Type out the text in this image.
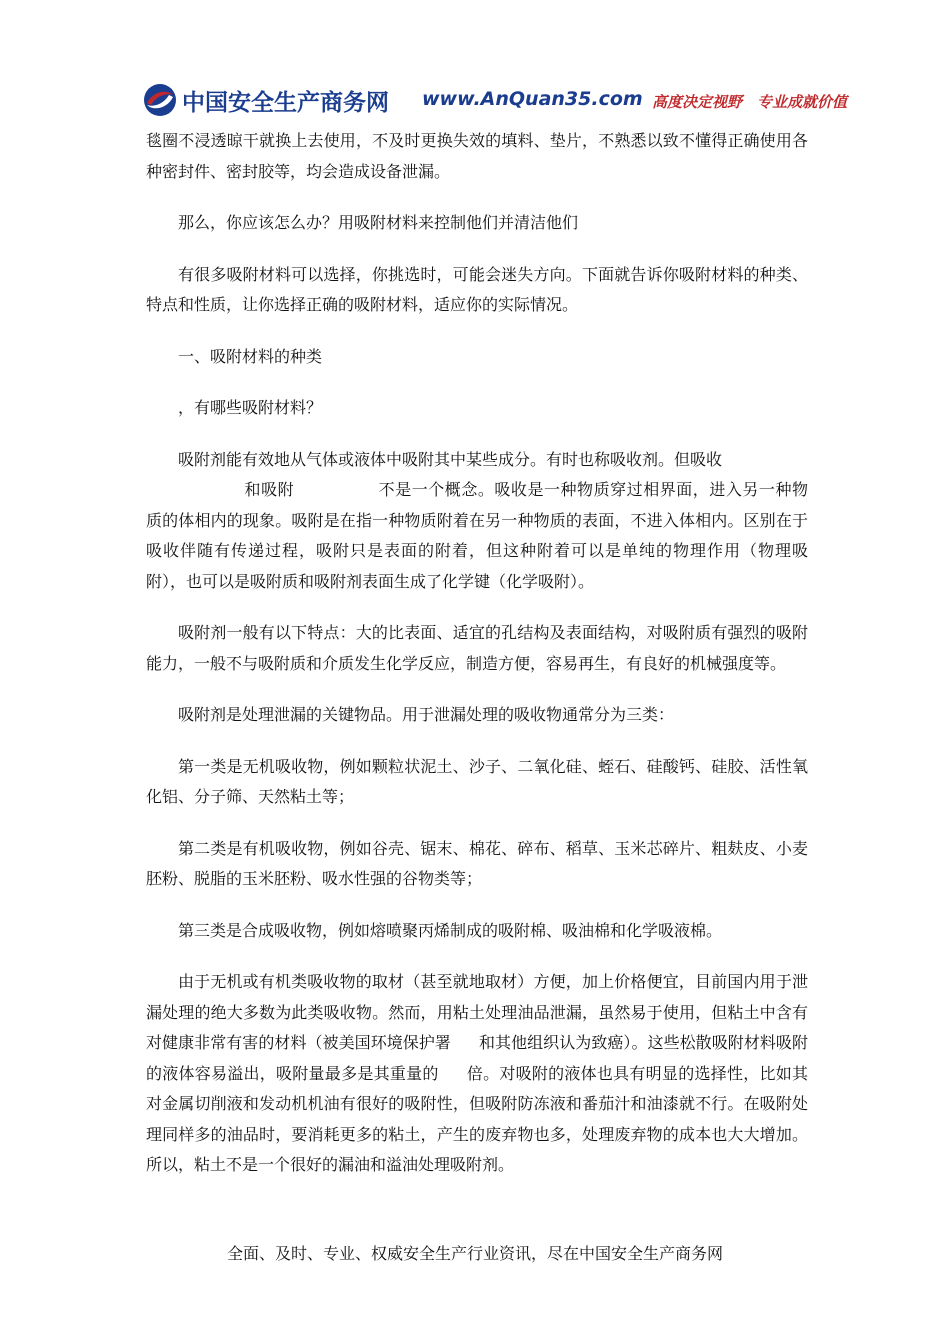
中国安全生产商务网 www.AnQuan35.com 高度决定视野　专业成就价值

毯圈不浸透晾干就换上去使用，不及时更换失效的填料、垫片，不熟悉以致不懂得正确使用各种密封件、密封胶等，均会造成设备泄漏。

那么，你应该怎么办？用吸附材料来控制他们并清洁他们

有很多吸附材料可以选择，你挑选时，可能会迷失方向。下面就告诉你吸附材料的种类、特点和性质，让你选择正确的吸附材料，适应你的实际情况。

一、吸附材料的种类

，有哪些吸附材料？

吸附剂能有效地从气体或液体中吸附其中某些成分。有时也称吸收剂。但吸收
和吸附	不是一个概念。吸收是一种物质穿过相界面，进入另一种物质的体相内的现象。吸附是在指一种物质附着在另一种物质的表面，不进入体相内。区别在于吸收伴随有传递过程，吸附只是表面的附着，但这种附着可以是单纯的物理作用（物理吸附），也可以是吸附质和吸附剂表面生成了化学键（化学吸附）。

吸附剂一般有以下特点：大的比表面、适宜的孔结构及表面结构，对吸附质有强烈的吸附能力，一般不与吸附质和介质发生化学反应，制造方便，容易再生，有良好的机械强度等。

吸附剂是处理泄漏的关键物品。用于泄漏处理的吸收物通常分为三类：

第一类是无机吸收物，例如颗粒状泥土、沙子、二氧化硅、蛭石、硅酸钙、硅胶、活性氧化铝、分子筛、天然粘土等；

第二类是有机吸收物，例如谷壳、锯末、棉花、碎布、稻草、玉米芯碎片、粗麸皮、小麦胚粉、脱脂的玉米胚粉、吸水性强的谷物类等；

第三类是合成吸收物，例如熔喷聚丙烯制成的吸附棉、吸油棉和化学吸液棉。

由于无机或有机类吸收物的取材（甚至就地取材）方便，加上价格便宜，目前国内用于泄漏处理的绝大多数为此类吸收物。然而，用粘土处理油品泄漏，虽然易于使用，但粘土中含有对健康非常有害的材料（被美国环境保护署 和其他组织认为致癌）。这些松散吸附材料吸附的液体容易溢出，吸附量最多是其重量的 倍。对吸附的液体也具有明显的选择性，比如其对金属切削液和发动机机油有很好的吸附性，但吸附防冻液和番茄汁和油漆就不行。在吸附处理同样多的油品时，要消耗更多的粘土，产生的废弃物也多，处理废弃物的成本也大大增加。所以，粘土不是一个很好的漏油和溢油处理吸附剂。

全面、及时、专业、权威安全生产行业资讯，尽在中国安全生产商务网
